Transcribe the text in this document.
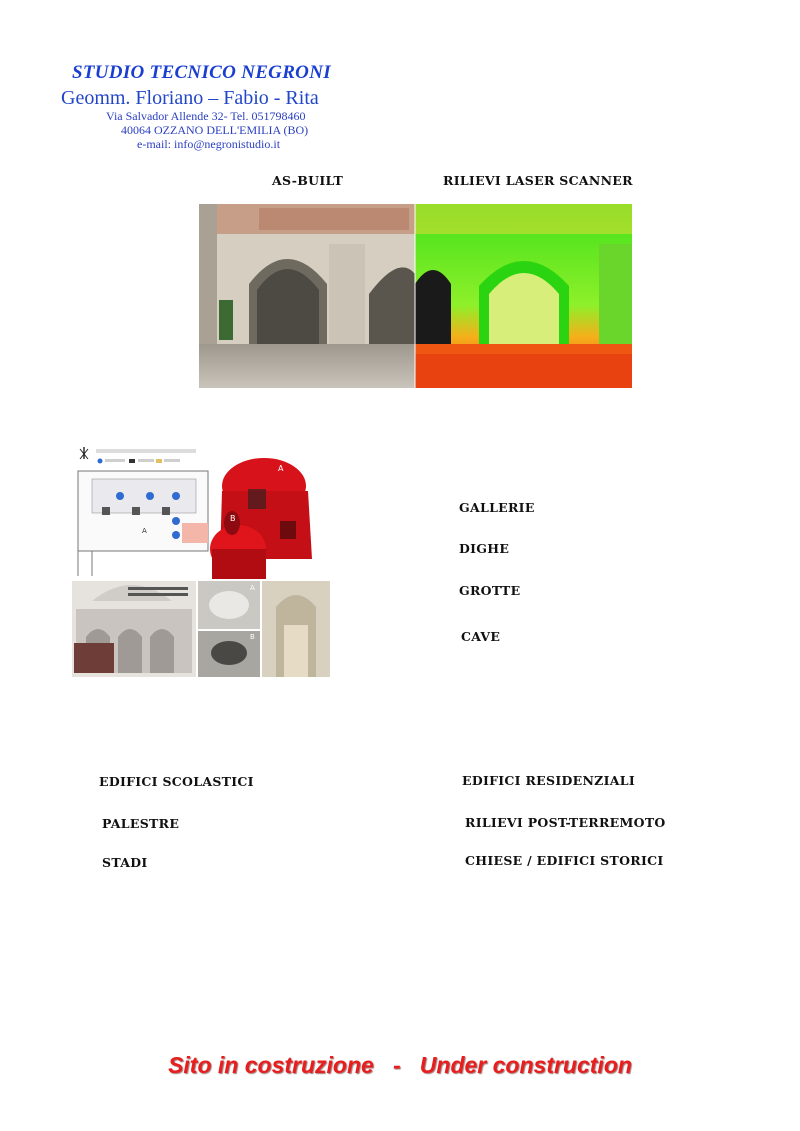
STUDIO TECNICO NEGRONI
Geomm. Floriano – Fabio - Rita
Via Salvador Allende 32- Tel. 051798460
40064 OZZANO DELL'EMILIA (BO)
e-mail: info@negronistudio.it
AS-BUILT	RILIEVI LASER SCANNER
A
A
B
A
B
GALLERIE
DIGHE
GROTTE
CAVE
EDIFICI SCOLASTICI
PALESTRE
STADI
EDIFICI RESIDENZIALI
RILIEVI POST-TERREMOTO
CHIESE / EDIFICI STORICI
Sito in costruzione   -   Under construction
